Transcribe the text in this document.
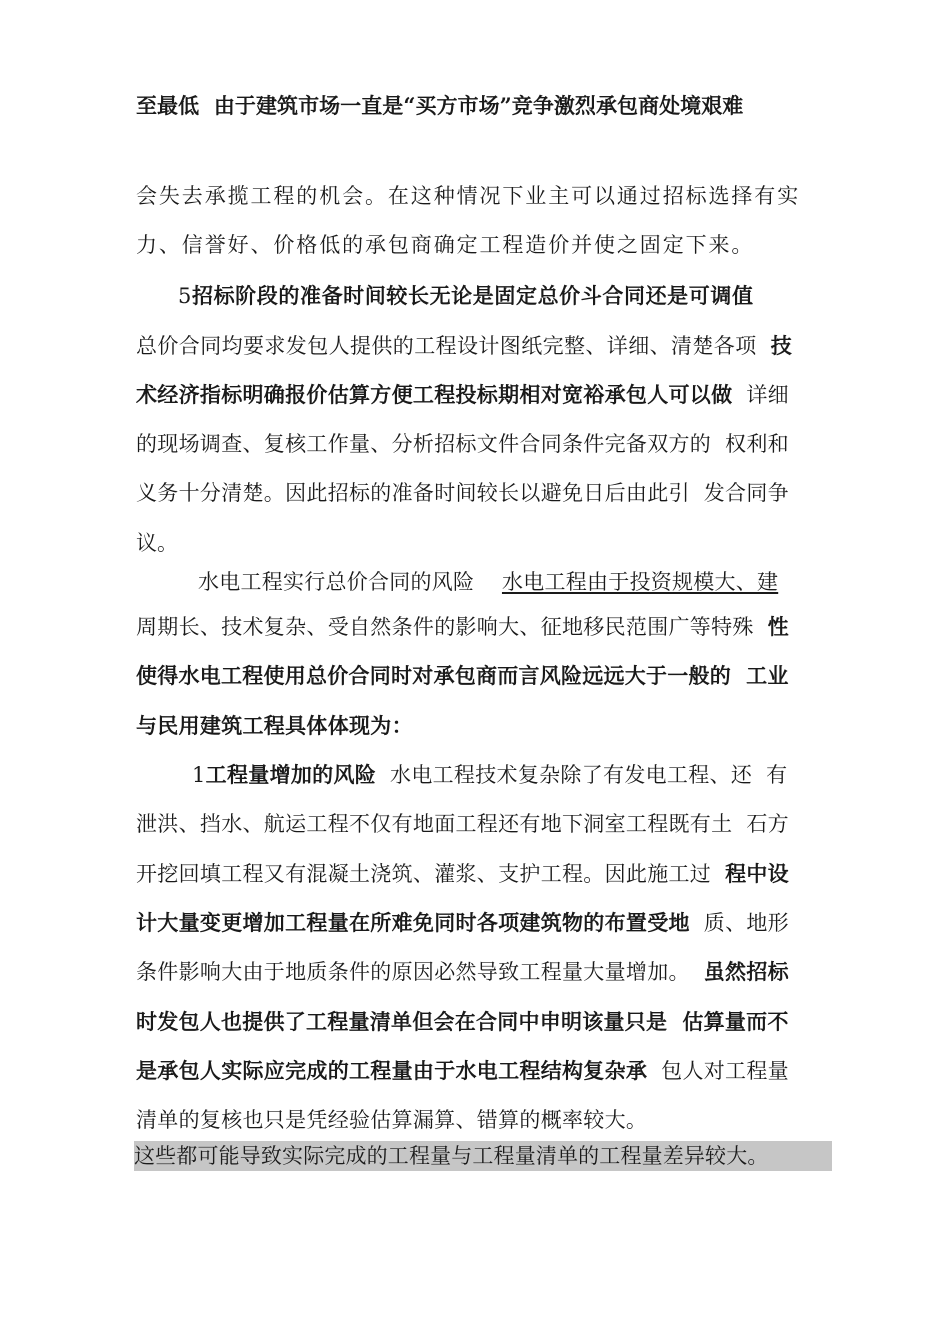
至最低  由于建筑市场一直是“买方市场”竞争激烈承包商处境艰难
会失去承揽工程的机会。在这种情况下业主可以通过招标选择有实
力、信誉好、价格低的承包商确定工程造价并使之固定下来。
5招标阶段的准备时间较长无论是固定总价斗合同还是可调值
总价合同均要求发包人提供的工程设计图纸完整、详细、清楚各项  技
术经济指标明确报价估算方便工程投标期相对宽裕承包人可以做  详细
的现场调查、复核工作量、分析招标文件合同条件完备双方的  权利和
义务十分清楚。因此招标的准备时间较长以避免日后由此引  发合同争
议。
水电工程实行总价合同的风险    水电工程由于投资规模大、建
周期长、技术复杂、受自然条件的影响大、征地移民范围广等特殊  性
使得水电工程使用总价合同时对承包商而言风险远远大于一般的  工业
与民用建筑工程具体体现为：
1工程量增加的风险  水电工程技术复杂除了有发电工程、还  有
泄洪、挡水、航运工程不仅有地面工程还有地下洞室工程既有土  石方
开挖回填工程又有混凝土浇筑、灌浆、支护工程。因此施工过  程中设
计大量变更增加工程量在所难免同时各项建筑物的布置受地  质、地形
条件影响大由于地质条件的原因必然导致工程量大量增加。  虽然招标
时发包人也提供了工程量清单但会在合同中申明该量只是  估算量而不
是承包人实际应完成的工程量由于水电工程结构复杂承  包人对工程量
清单的复核也只是凭经验估算漏算、错算的概率较大。
这些都可能导致实际完成的工程量与工程量清单的工程量差异较大。
